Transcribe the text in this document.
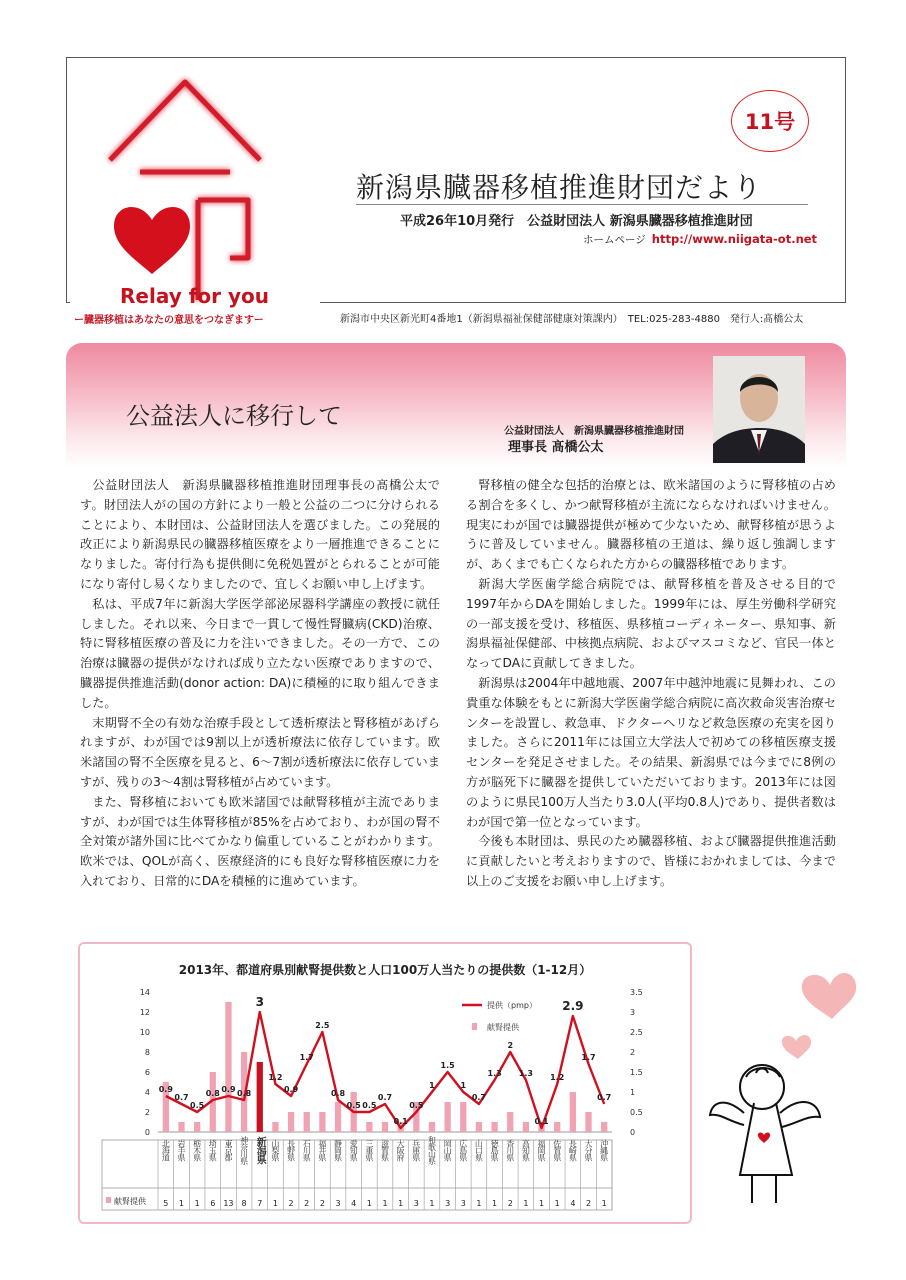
Relay for you
11号
新潟県臓器移植推進財団だより
平成26年10月発行　公益財団法人 新潟県臓器移植推進財団
ホームページ http://www.niigata-ot.net
ー臓器移植はあなたの意思をつなぎますー	新潟市中央区新光町4番地1（新潟県福祉保健部健康対策課内）　TEL:025-283-4880　発行人:髙橋公太
公益法人に移行して
公益財団法人　新潟県臓器移植推進財団
理事長 髙橋公太

公益財団法人　新潟県臓器移植推進財団理事長の髙橋公太です。財団法人がの国の方針により一般と公益の二つに分けられることにより、本財団は、公益財団法人を選びました。この発展的改正により新潟県民の臓器移植医療をより一層推進できることになりました。寄付行為も提供側に免税処置がとられることが可能になり寄付し易くなりましたので、宜しくお願い申し上げます。

私は、平成7年に新潟大学医学部泌尿器科学講座の教授に就任しました。それ以来、今日まで一貫して慢性腎臓病(CKD)治療、特に腎移植医療の普及に力を注いできました。その一方で、この治療は臓器の提供がなければ成り立たない医療でありますので、臓器提供推進活動(donor action: DA)に積極的に取り組んできました。

末期腎不全の有効な治療手段として透析療法と腎移植があげられますが、わが国では9割以上が透析療法に依存しています。欧米諸国の腎不全医療を見ると、6〜7割が透析療法に依存していますが、残りの3〜4割は腎移植が占めています。

また、腎移植においても欧米諸国では献腎移植が主流でありますが、わが国では生体腎移植が85%を占めており、わが国の腎不全対策が諸外国に比べてかなり偏重していることがわかります。欧米では、QOLが高く、医療経済的にも良好な腎移植医療に力を入れており、日常的にDAを積極的に進めています。

腎移植の健全な包括的治療とは、欧米諸国のように腎移植の占める割合を多くし、かつ献腎移植が主流にならなければいけません。現実にわが国では臓器提供が極めて少ないため、献腎移植が思うように普及していません。臓器移植の王道は、繰り返し強調しますが、あくまでも亡くなられた方からの臓器移植であります。

新潟大学医歯学総合病院では、献腎移植を普及させる目的で1997年からDAを開始しました。1999年には、厚生労働科学研究の一部支援を受け、移植医、県移植コーディネーター、県知事、新潟県福祉保健部、中核拠点病院、およびマスコミなど、官民一体となってDAに貢献してきました。

新潟県は2004年中越地震、2007年中越沖地震に見舞われ、この貴重な体験をもとに新潟大学医歯学総合病院に高次救命災害治療センターを設置し、救急車、ドクターヘリなど救急医療の充実を図りました。さらに2011年には国立大学法人で初めての移植医療支援センターを発足させました。その結果、新潟県では今までに8例の方が脳死下に臓器を提供していただいております。2013年には図のように県民100万人当たり3.0人(平均0.8人)であり、提供者数はわが国で第一位となっています。

今後も本財団は、県民のため臓器移植、および臓器提供推進活動に貢献したいと考えおりますので、皆様におかれましては、今まで以上のご支援をお願い申し上げます。

2013年、都道府県別献腎提供数と人口100万人当たりの提供数（1-12月）
0
2
4
6
8
10
12
14
0
0.5
1
1.5
2
2.5
3
3.5
0.9
0.7
0.5
0.8 0.9 0.8
3
1.2
0.9
1.7
2.5
0.8
0.5 0.5
0.7
0.1
0.5
1
1.5
1
0.7
1.3
2
1.3
0.1
1.2
2.9
1.7
0.7
提供（pmp）
献腎提供
北海道
5
岩手県
1
栃木県
1
埼玉県
6
東京都
13
神奈川県
8
新潟県
7
山梨県
1
長野県
2
石川県
2
福井県
2
静岡県
3
愛知県
4
三重県
1
滋賀県
1
大阪府
1
兵庫県
3
和歌山県
1
岡山県
3
広島県
3
山口県
1
徳島県
1
香川県
2
高知県
1
福岡県
1
佐賀県
1
長崎県
4
大分県
2
沖縄県
1
献腎提供
